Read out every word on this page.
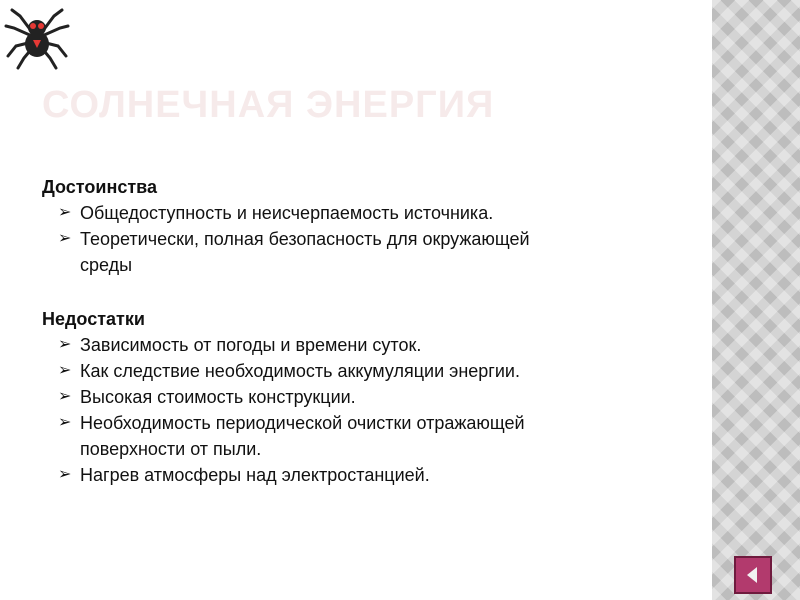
СОЛНЕЧНАЯ ЭНЕРГИЯ
Достоинства
➢ Общедоступность и неисчерпаемость источника.
➢ Теоретически, полная безопасность для окружающей
среды
Недостатки
➢ Зависимость от погоды и времени суток.
➢ Как следствие необходимость аккумуляции энергии.
➢ Высокая стоимость конструкции.
➢ Необходимость периодической очистки отражающей
поверхности от пыли.
➢ Нагрев атмосферы над электростанцией.
